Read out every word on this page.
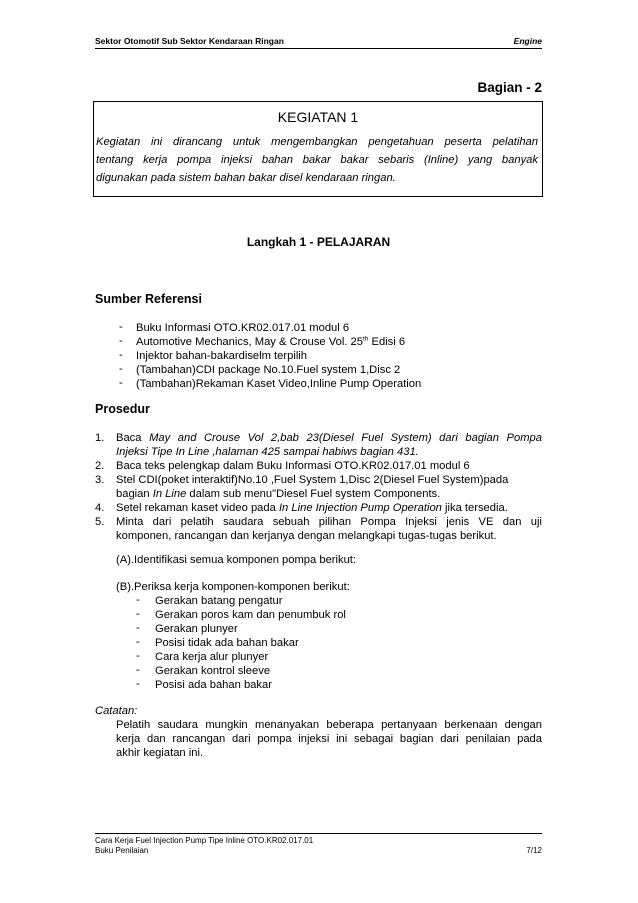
Sektor Otomotif Sub Sektor Kendaraan Ringan	Engine
Bagian - 2
KEGIATAN 1
Kegiatan ini dirancang untuk mengembangkan pengetahuan peserta pelatihan
tentang kerja pompa injeksi bahan bakar bakar sebaris (Inline) yang banyak
digunakan pada sistem bahan bakar disel kendaraan ringan.
Langkah 1 - PELAJARAN
Sumber Referensi
- Buku Informasi OTO.KR02.017.01 modul 6
- Automotive Mechanics, May & Crouse Vol. 25th Edisi 6
- Injektor bahan-bakardiselm terpilih
- (Tambahan)CDI package No.10.Fuel system 1,Disc 2
- (Tambahan)Rekaman Kaset Video,Inline Pump Operation
Prosedur
1. Baca May and Crouse Vol 2,bab 23(Diesel Fuel System) dari bagian Pompa
Injeksi Tipe In Line ,halaman 425 sampai habiws bagian 431.
2. Baca teks pelengkap dalam Buku Informasi OTO.KR02.017.01 modul 6
3. Stel CDI(poket interaktif)No.10 ,Fuel System 1,Disc 2(Diesel Fuel System)pada
bagian In Line dalam sub menu"Diesel Fuel system Components.
4. Setel rekaman kaset video pada In Line Injection Pump Operation jika tersedia.
5. Minta dari pelatih saudara sebuah pilihan Pompa Injeksi jenis VE dan uji
komponen, rancangan dan kerjanya dengan melangkapi tugas-tugas berikut.
(A).Identifikasi semua komponen pompa berikut:
(B).Periksa kerja komponen-komponen berikut:
- Gerakan batang pengatur
- Gerakan poros kam dan penumbuk rol
- Gerakan plunyer
- Posisi tidak ada bahan bakar
- Cara kerja alur plunyer
- Gerakan kontrol sleeve
- Posisi ada bahan bakar
Catatan:
Pelatih saudara mungkin menanyakan beberapa pertanyaan berkenaan dengan
kerja dan rancangan dari pompa injeksi ini sebagai bagian dari penilaian pada
akhir kegiatan ini.
Cara Kerja Fuel Injection Pump Tipe Inline OTO.KR02.017.01
Buku Penilaian	7/12
